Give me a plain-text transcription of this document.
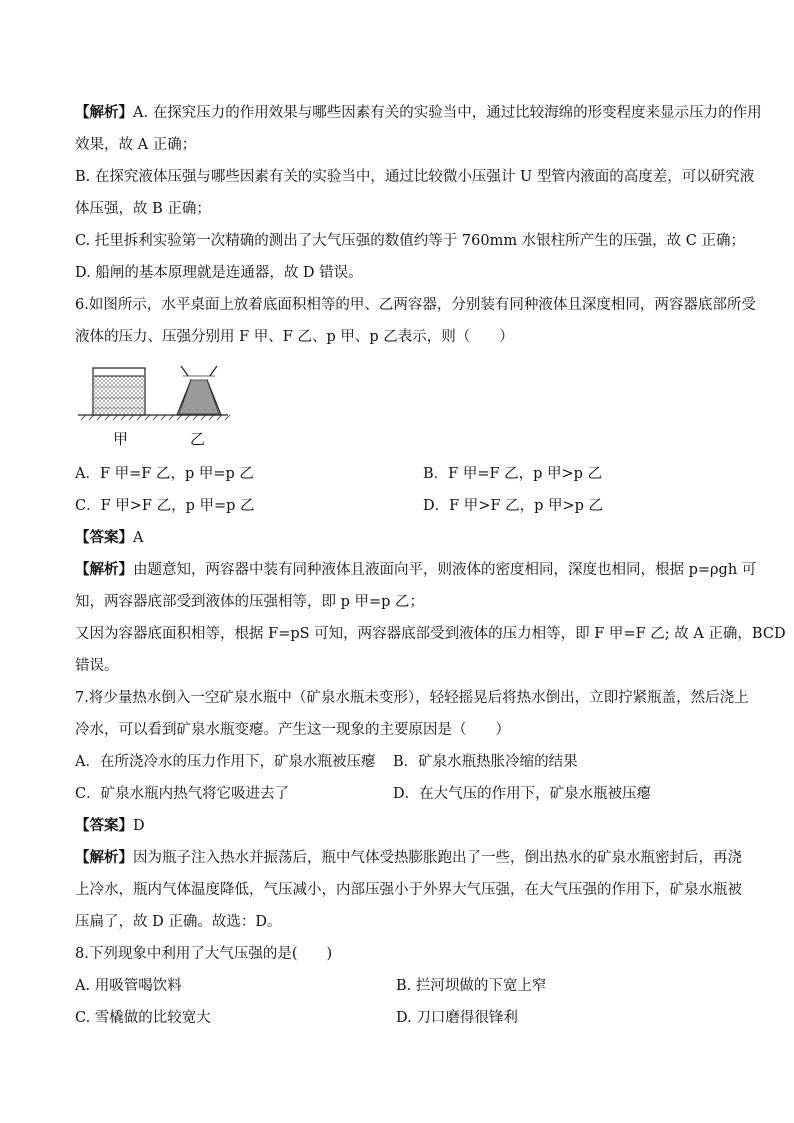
【解析】A. 在探究压力的作用效果与哪些因素有关的实验当中，通过比较海绵的形变程度来显示压力的作用
效果，故 A 正确；
B. 在探究液体压强与哪些因素有关的实验当中，通过比较微小压强计 U 型管内液面的高度差，可以研究液
体压强，故 B 正确；
C. 托里拆利实验第一次精确的测出了大气压强的数值约等于 760mm 水银柱所产生的压强，故 C 正确；
D. 船闸的基本原理就是连通器，故 D 错误。
6.如图所示，水平桌面上放着底面积相等的甲、乙两容器，分别装有同种液体且深度相同，两容器底部所受
液体的压力、压强分别用 F 甲、F 乙、p 甲、p 乙表示，则（　　）
甲	乙
A．F 甲=F 乙，p 甲=p 乙	B．F 甲=F 乙，p 甲>p 乙
C．F 甲>F 乙，p 甲=p 乙	D．F 甲>F 乙，p 甲>p 乙
【答案】A
【解析】由题意知，两容器中装有同种液体且液面向平，则液体的密度相同，深度也相同，根据 p=ρgh 可
知，两容器底部受到液体的压强相等，即 p 甲=p 乙；
又因为容器底面积相等，根据 F=pS 可知，两容器底部受到液体的压力相等，即 F 甲=F 乙; 故 A 正确，BCD
错误。
7.将少量热水倒入一空矿泉水瓶中（矿泉水瓶未变形），轻轻摇晃后将热水倒出，立即拧紧瓶盖，然后浇上
冷水，可以看到矿泉水瓶变瘪。产生这一现象的主要原因是（　　）
A．在所浇冷水的压力作用下，矿泉水瓶被压瘪 B．矿泉水瓶热胀冷缩的结果
C．矿泉水瓶内热气将它吸进去了	D．在大气压的作用下，矿泉水瓶被压瘪
【答案】D
【解析】因为瓶子注入热水并振荡后，瓶中气体受热膨胀跑出了一些，倒出热水的矿泉水瓶密封后，再浇
上冷水，瓶内气体温度降低，气压减小，内部压强小于外界大气压强，在大气压强的作用下，矿泉水瓶被
压扁了，故 D 正确。故选：D。
8.下列现象中利用了大气压强的是(　　)
A. 用吸管喝饮料	B. 拦河坝做的下宽上窄
C. 雪橇做的比较宽大	D. 刀口磨得很锋利
